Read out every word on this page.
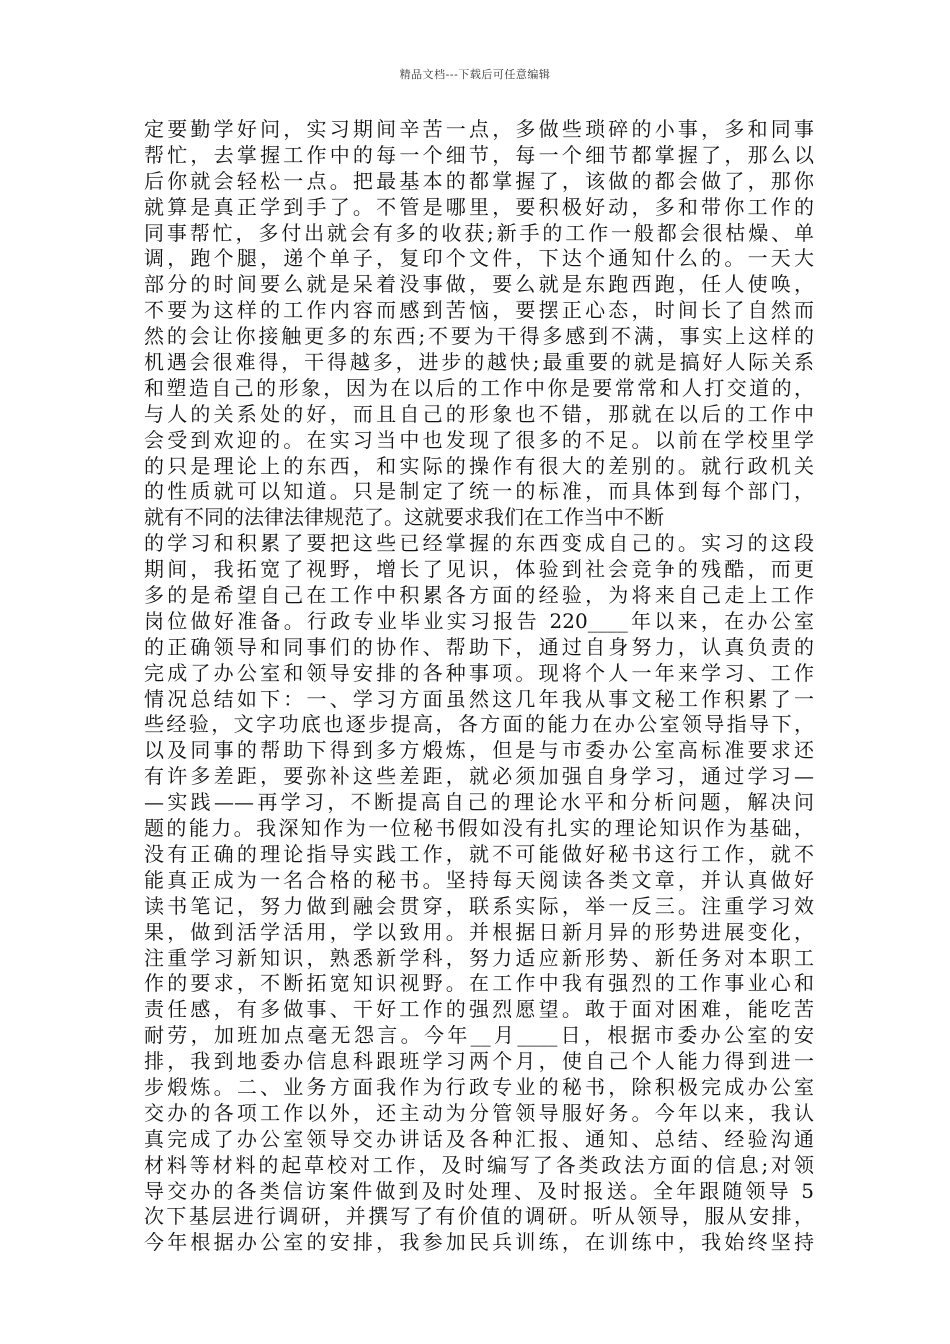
精品文档---下载后可任意编辑
定要勤学好问，实习期间辛苦一点，多做些琐碎的小事，多和同事
帮忙，去掌握工作中的每一个细节，每一个细节都掌握了，那么以
后你就会轻松一点。把最基本的都掌握了，该做的都会做了，那你
就算是真正学到手了。不管是哪里，要积极好动，多和带你工作的
同事帮忙，多付出就会有多的收获;新手的工作一般都会很枯燥、单
调，跑个腿，递个单子，复印个文件，下达个通知什么的。一天大
部分的时间要么就是呆着没事做，要么就是东跑西跑，任人使唤，
不要为这样的工作内容而感到苦恼，要摆正心态，时间长了自然而
然的会让你接触更多的东西;不要为干得多感到不满，事实上这样的
机遇会很难得，干得越多，进步的越快;最重要的就是搞好人际关系
和塑造自己的形象，因为在以后的工作中你是要常常和人打交道的，
与人的关系处的好，而且自己的形象也不错，那就在以后的工作中
会受到欢迎的。在实习当中也发现了很多的不足。以前在学校里学
的只是理论上的东西，和实际的操作有很大的差别的。就行政机关
的性质就可以知道。只是制定了统一的标准，而具体到每个部门，
就有不同的法律法律规范了。这就要求我们在工作当中不断
的学习和积累了要把这些已经掌握的东西变成自己的。实习的这段
期间，我拓宽了视野，增长了见识，体验到社会竞争的残酷，而更
多的是希望自己在工作中积累各方面的经验，为将来自己走上工作
岗位做好准备。行政专业毕业实习报告 220____年以来，在办公室
的正确领导和同事们的协作、帮助下，通过自身努力，认真负责的
完成了办公室和领导安排的各种事项。现将个人一年来学习、工作
情况总结如下：一、学习方面虽然这几年我从事文秘工作积累了一
些经验，文字功底也逐步提高，各方面的能力在办公室领导指导下，
以及同事的帮助下得到多方煅炼，但是与市委办公室高标准要求还
有许多差距，要弥补这些差距，就必须加强自身学习，通过学习—
—实践——再学习，不断提高自己的理论水平和分析问题，解决问
题的能力。我深知作为一位秘书假如没有扎实的理论知识作为基础，
没有正确的理论指导实践工作，就不可能做好秘书这行工作，就不
能真正成为一名合格的秘书。坚持每天阅读各类文章，并认真做好
读书笔记，努力做到融会贯穿，联系实际，举一反三。注重学习效
果，做到活学活用，学以致用。并根据日新月异的形势进展变化，
注重学习新知识，熟悉新学科，努力适应新形势、新任务对本职工
作的要求，不断拓宽知识视野。在工作中我有强烈的工作事业心和
责任感，有多做事、干好工作的强烈愿望。敢于面对困难，能吃苦
耐劳，加班加点毫无怨言。今年__月____日，根据市委办公室的安
排，我到地委办信息科跟班学习两个月，使自己个人能力得到进一
步煅炼。二、业务方面我作为行政专业的秘书，除积极完成办公室
交办的各项工作以外，还主动为分管领导服好务。今年以来，我认
真完成了办公室领导交办讲话及各种汇报、通知、总结、经验沟通
材料等材料的起草校对工作，及时编写了各类政法方面的信息;对领
导交办的各类信访案件做到及时处理、及时报送。全年跟随领导 5
次下基层进行调研，并撰写了有价值的调研。听从领导，服从安排，
今年根据办公室的安排，我参加民兵训练，在训练中，我始终坚持
